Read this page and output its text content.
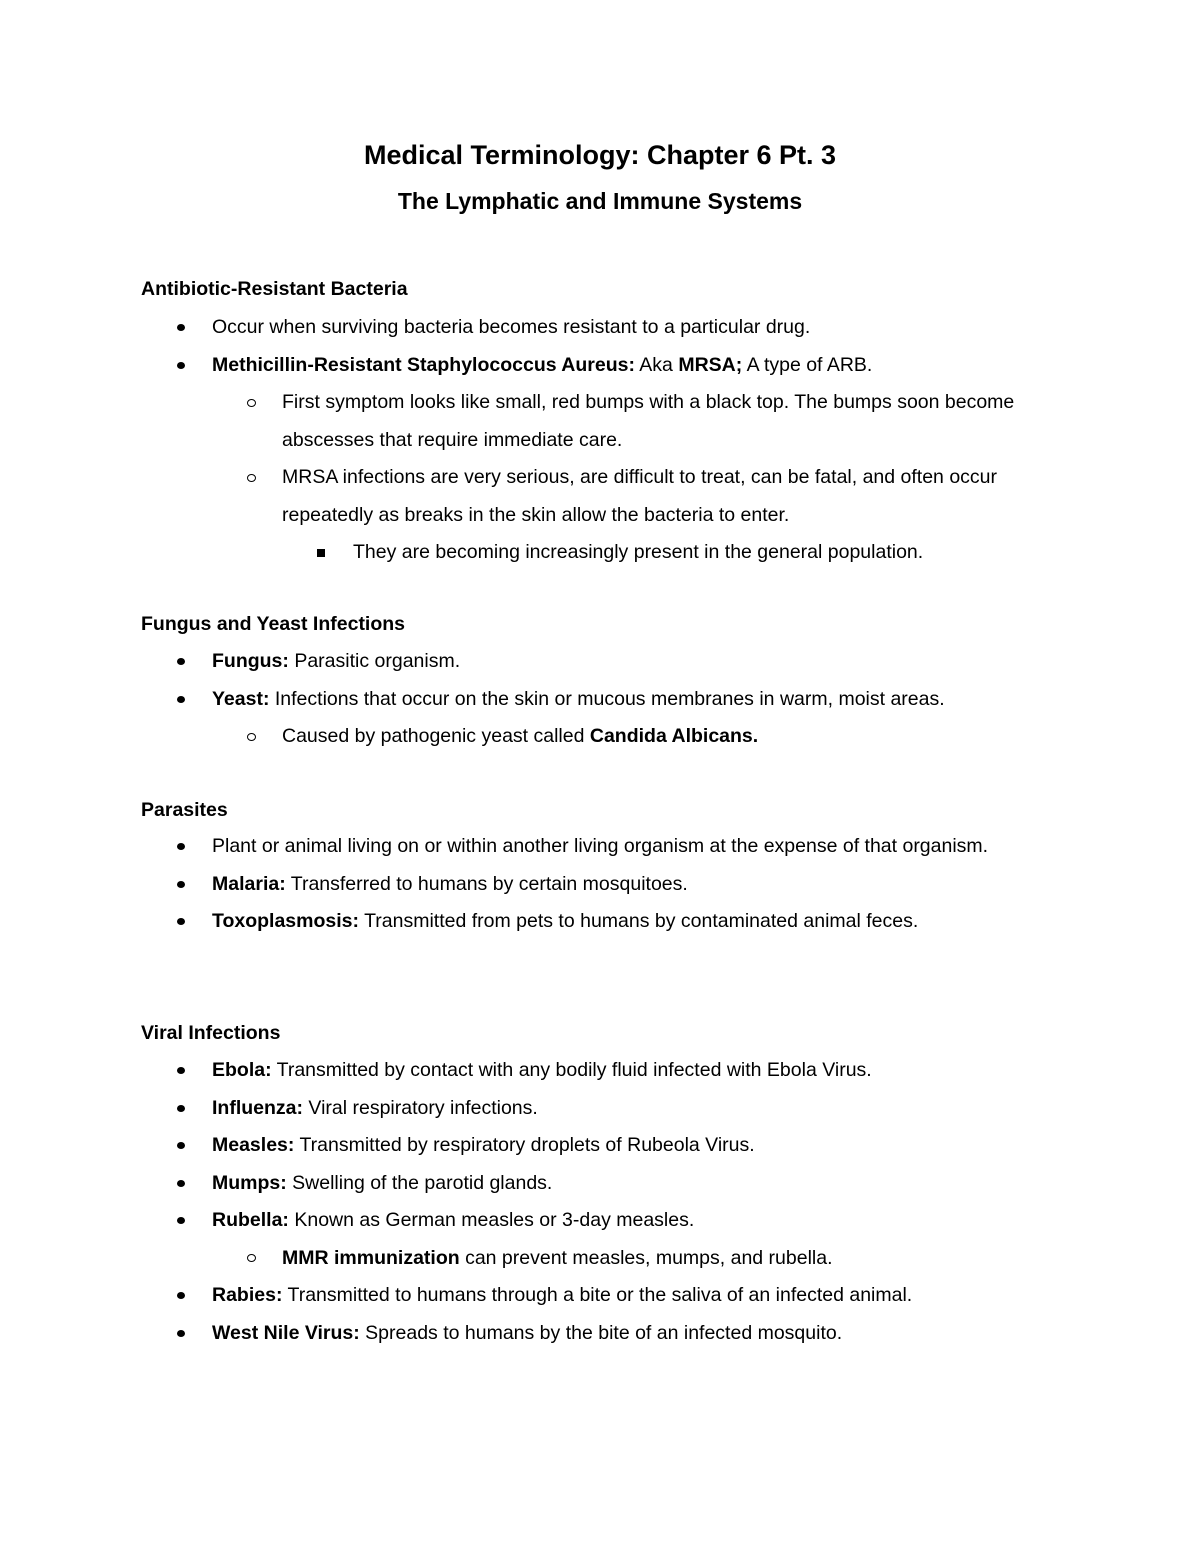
Medical Terminology: Chapter 6 Pt. 3
The Lymphatic and Immune Systems
Antibiotic-Resistant Bacteria
Occur when surviving bacteria becomes resistant to a particular drug.
Methicillin-Resistant Staphylococcus Aureus: Aka MRSA; A type of ARB.
First symptom looks like small, red bumps with a black top. The bumps soon become abscesses that require immediate care.
MRSA infections are very serious, are difficult to treat, can be fatal, and often occur repeatedly as breaks in the skin allow the bacteria to enter.
They are becoming increasingly present in the general population.
Fungus and Yeast Infections
Fungus: Parasitic organism.
Yeast: Infections that occur on the skin or mucous membranes in warm, moist areas.
Caused by pathogenic yeast called Candida Albicans.
Parasites
Plant or animal living on or within another living organism at the expense of that organism.
Malaria: Transferred to humans by certain mosquitoes.
Toxoplasmosis: Transmitted from pets to humans by contaminated animal feces.
Viral Infections
Ebola: Transmitted by contact with any bodily fluid infected with Ebola Virus.
Influenza: Viral respiratory infections.
Measles: Transmitted by respiratory droplets of Rubeola Virus.
Mumps: Swelling of the parotid glands.
Rubella: Known as German measles or 3-day measles.
MMR immunization can prevent measles, mumps, and rubella.
Rabies: Transmitted to humans through a bite or the saliva of an infected animal.
West Nile Virus: Spreads to humans by the bite of an infected mosquito.
